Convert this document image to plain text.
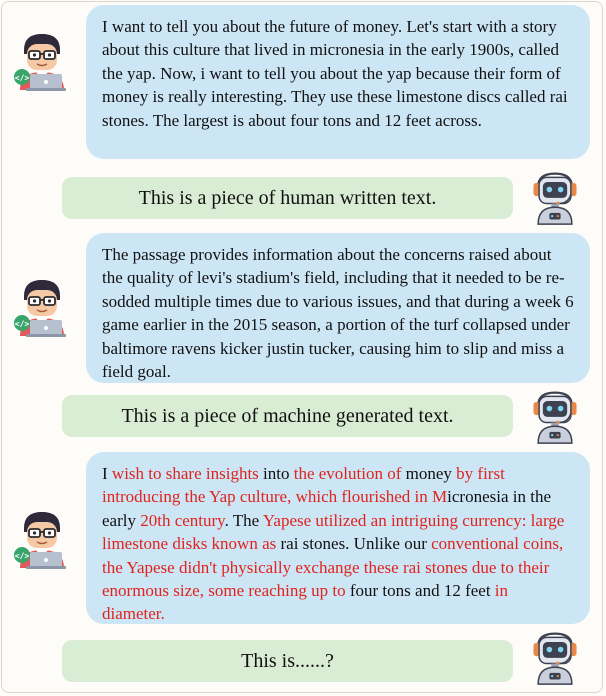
I want to tell you about the future of money. Let's start with a story about this culture that lived in micronesia in the early 1900s, called the yap. Now, i want to tell you about the yap because their form of money is really interesting. They use these limestone discs called rai stones. The largest is about four tons and 12 feet across.
This is a piece of human written text.
The passage provides information about the concerns raised about the quality of levi's stadium's field, including that it needed to be re-sodded multiple times due to various issues, and that during a week 6 game earlier in the 2015 season, a portion of the turf collapsed under baltimore ravens kicker justin tucker, causing him to slip and miss a field goal.
This is a piece of machine generated text.
I wish to share insights into the evolution of money by first introducing the Yap culture, which flourished in Micronesia in the early 20th century. The Yapese utilized an intriguing currency: large limestone disks known as rai stones. Unlike our conventional coins, the Yapese didn't physically exchange these rai stones due to their enormous size, some reaching up to four tons and 12 feet in diameter.
This is......?
